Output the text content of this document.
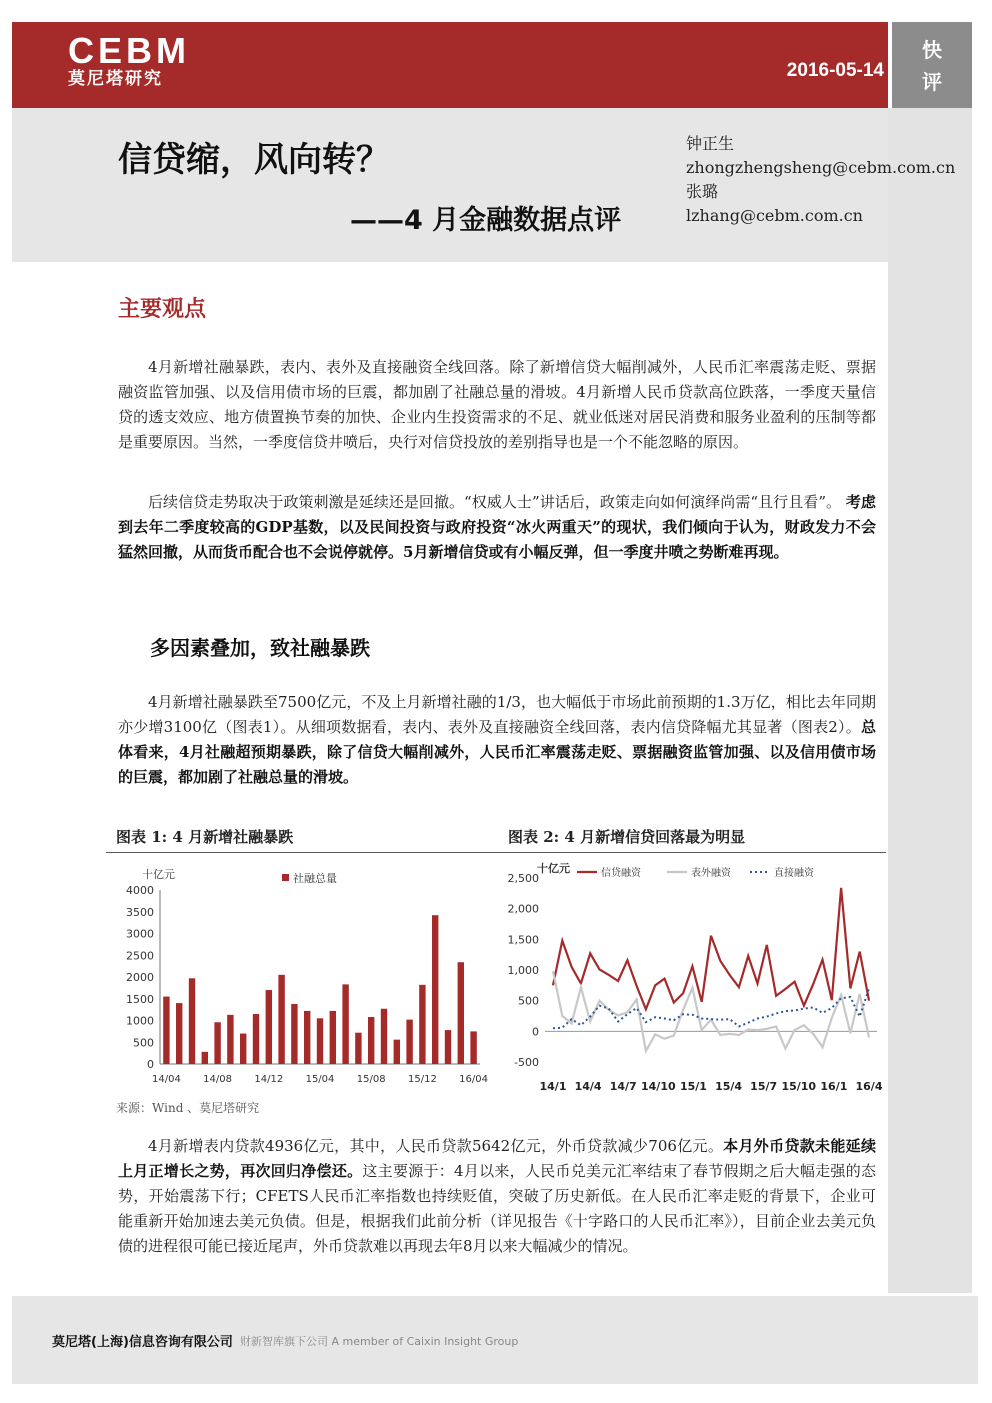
CEBM
莫尼塔研究	2016-05-14
快评
信贷缩，风向转？
——4 月金融数据点评
钟正生
zhongzhengsheng@cebm.com.cn
张璐
lzhang@cebm.com.cn
主要观点
4月新增社融暴跌，表内、表外及直接融资全线回落。除了新增信贷大幅削减外，人民币汇率震荡走贬、票据融资监管加强、以及信用债市场的巨震，都加剧了社融总量的滑坡。4月新增人民币贷款高位跌落，一季度天量信贷的透支效应、地方债置换节奏的加快、企业内生投资需求的不足、就业低迷对居民消费和服务业盈利的压制等都是重要原因。当然，一季度信贷井喷后，央行对信贷投放的差别指导也是一个不能忽略的原因。
后续信贷走势取决于政策刺激是延续还是回撤。“权威人士”讲话后，政策走向如何演绎尚需“且行且看”。 考虑到去年二季度较高的GDP基数，以及民间投资与政府投资“冰火两重天”的现状，我们倾向于认为，财政发力不会猛然回撤，从而货币配合也不会说停就停。5月新增信贷或有小幅反弹，但一季度井喷之势断难再现。
多因素叠加，致社融暴跌
4月新增社融暴跌至7500亿元，不及上月新增社融的1/3，也大幅低于市场此前预期的1.3万亿，相比去年同期亦少增3100亿（图表1）。从细项数据看，表内、表外及直接融资全线回落，表内信贷降幅尤其显著（图表2）。总体看来，4月社融超预期暴跌，除了信贷大幅削减外，人民币汇率震荡走贬、票据融资监管加强、以及信用债市场的巨震，都加剧了社融总量的滑坡。
图表 1: 4 月新增社融暴跌	图表 2: 4 月新增信贷回落最为明显
十亿元
0
500
1000
1500
2000
2500
3000
3500
4000
14/04 14/08 14/12 15/04 15/08 15/12 16/04
社融总量
十亿元
2,500
2,000
1,500
1,000
500
0
-500
14/1 14/4 14/7 14/10 15/1 15/4 15/7 15/10 16/1 16/4
信贷融资	表外融资	直接融资
来源：Wind 、莫尼塔研究
4月新增表内贷款4936亿元，其中，人民币贷款5642亿元，外币贷款减少706亿元。本月外币贷款未能延续上月正增长之势，再次回归净偿还。这主要源于：4月以来，人民币兑美元汇率结束了春节假期之后大幅走强的态势，开始震荡下行；CFETS人民币汇率指数也持续贬值，突破了历史新低。在人民币汇率走贬的背景下，企业可能重新开始加速去美元负债。但是，根据我们此前分析（详见报告《十字路口的人民币汇率》），目前企业去美元负债的进程很可能已接近尾声，外币贷款难以再现去年8月以来大幅减少的情况。
莫尼塔(上海)信息咨询有限公司 财新智库旗下公司 A member of Caixin Insight Group
